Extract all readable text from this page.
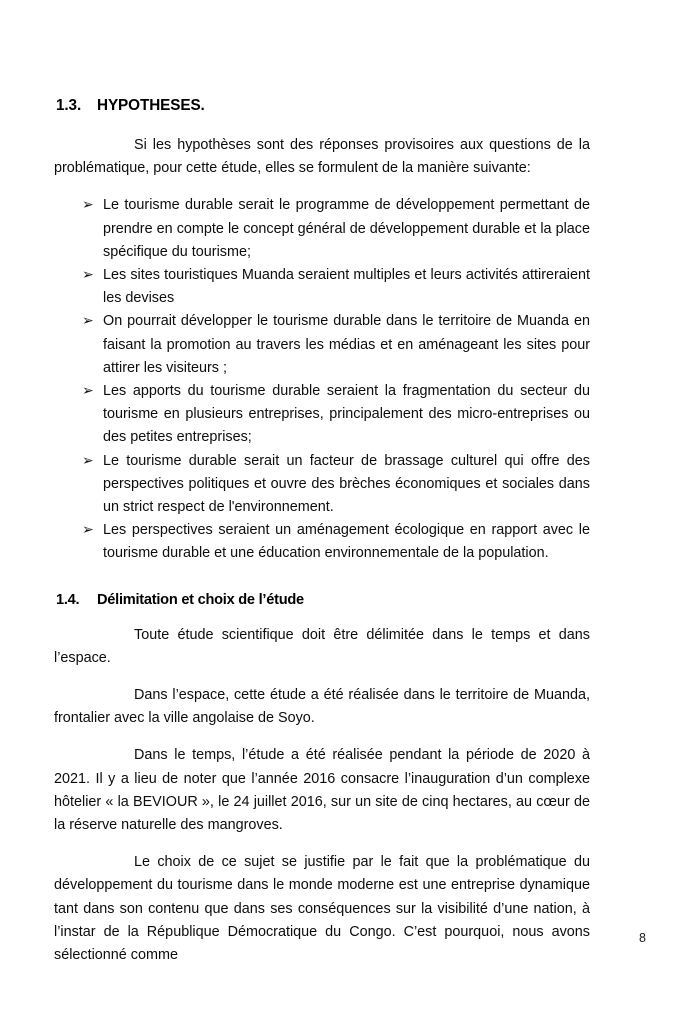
1.3. HYPOTHESES.

Si les hypothèses sont des réponses provisoires aux questions de la problématique, pour cette étude, elles se formulent de la manière suivante:

➢ Le tourisme durable serait le programme de développement permettant de prendre en compte le concept général de développement durable et la place spécifique du tourisme;
➢ Les sites touristiques Muanda seraient multiples et leurs activités attireraient les devises
➢ On pourrait développer le tourisme durable dans le territoire de Muanda en faisant la promotion au travers les médias et en aménageant les sites pour attirer les visiteurs ;
➢ Les apports du tourisme durable seraient la fragmentation du secteur du tourisme en plusieurs entreprises, principalement des micro-entreprises ou des petites entreprises;
➢ Le tourisme durable serait un facteur de brassage culturel qui offre des perspectives politiques et ouvre des brèches économiques et sociales dans un strict respect de l'environnement.
➢ Les perspectives seraient un aménagement écologique en rapport avec le tourisme durable et une éducation environnementale de la population.
1.4. Délimitation et choix de l’étude

Toute étude scientifique doit être délimitée dans le temps et dans l’espace.

Dans l’espace, cette étude a été réalisée dans le territoire de Muanda, frontalier avec la ville angolaise de Soyo.

Dans le temps, l’étude a été réalisée pendant la période de 2020 à 2021. Il y a lieu de noter que l’année 2016 consacre l’inauguration d’un complexe hôtelier « la BEVIOUR », le 24 juillet 2016, sur un site de cinq hectares, au cœur de la réserve naturelle des mangroves.

Le choix de ce sujet se justifie par le fait que la problématique du développement du tourisme dans le monde moderne est une entreprise dynamique tant dans son contenu que dans ses conséquences sur la visibilité d’une nation, à l’instar de la République Démocratique du Congo. C’est pourquoi, nous avons sélectionné comme

8
